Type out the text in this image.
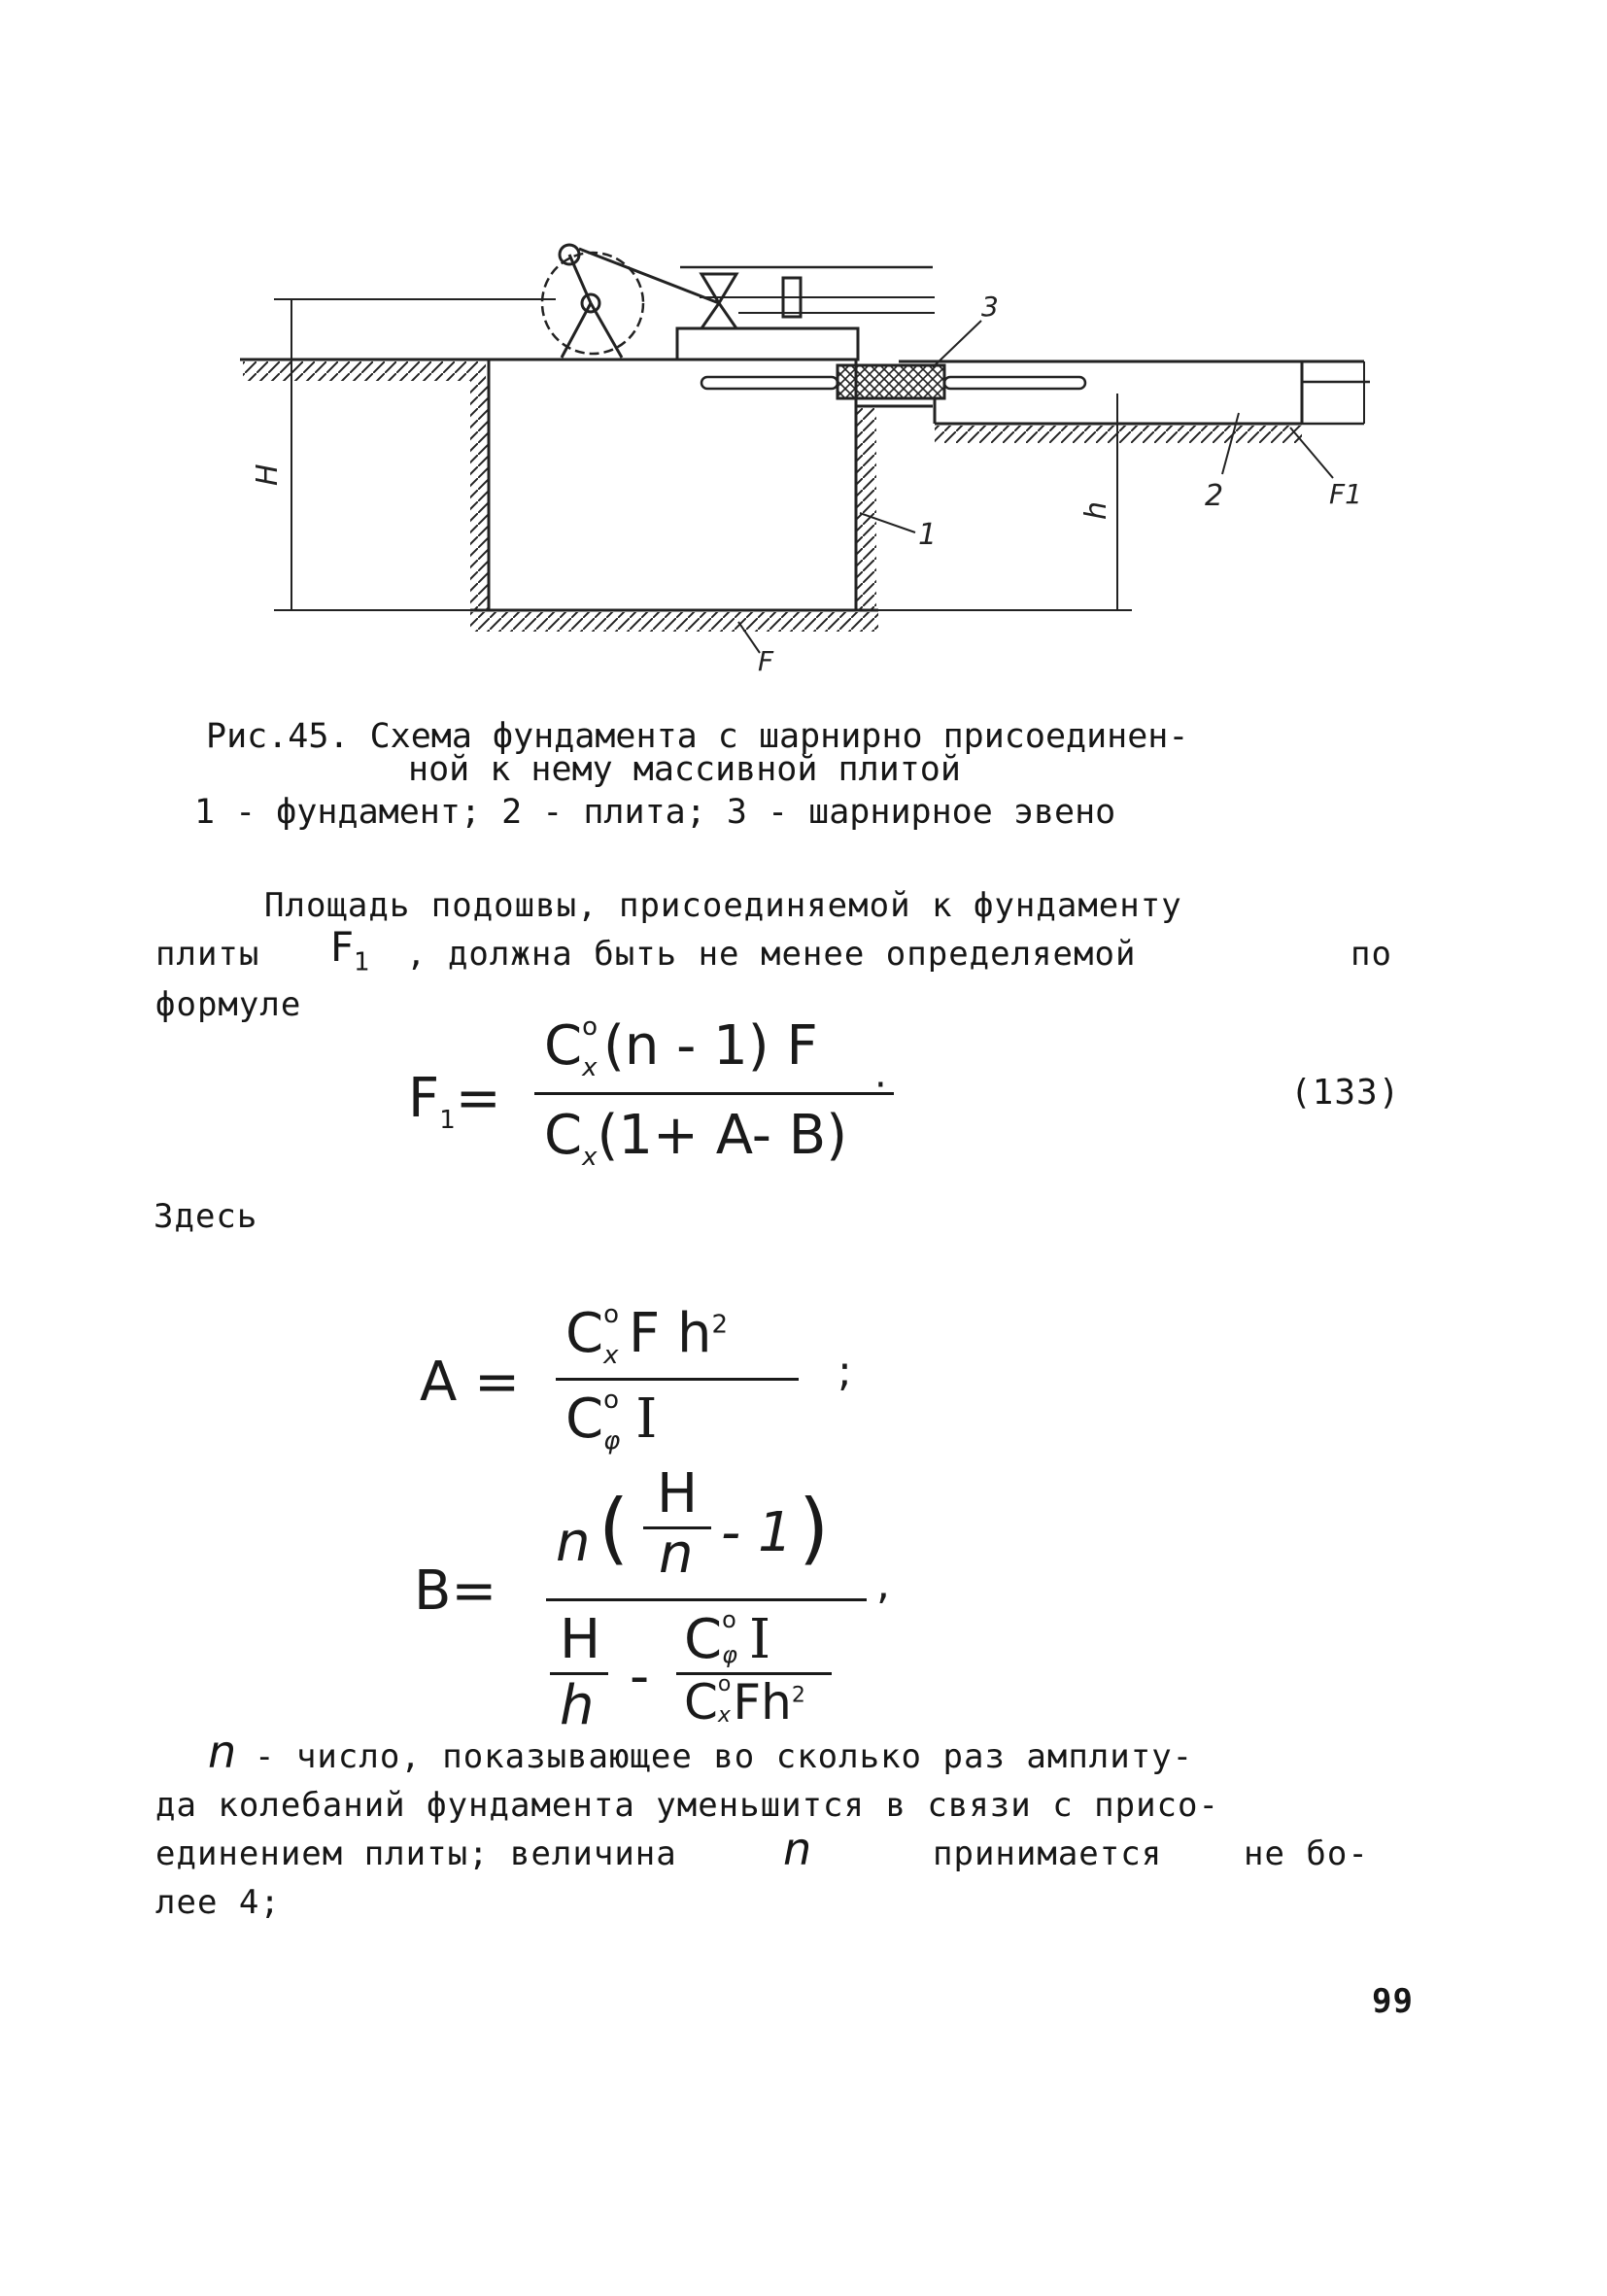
H
h
1
2
3
F
F1
Рис.45. Схема фундамента с шарнирно присоединен-
ной к нему массивной плитой
1 - фундамент; 2 - плита; 3 - шарнирное эвено
Площадь подошвы, присоединяемой к фундаменту
плиты $F_1$ , должна быть не менее определяемой	по
формуле
$F_1=$
C o
x (n - 1) F
$C_x(1+ A-$ B)
·	(133)
Здесь
A =
C o
x F $h^2$
C o
φ I
;
B=
n ( H
n - 1 )
H
h -
C o
φ I
C o
x Fh$^2$
,
n - число, показывающее во сколько раз амплиту-
да колебаний фундамента уменьшится в связи с присо-
единением плиты; величина n	принимается не бо-
лее 4;
99
